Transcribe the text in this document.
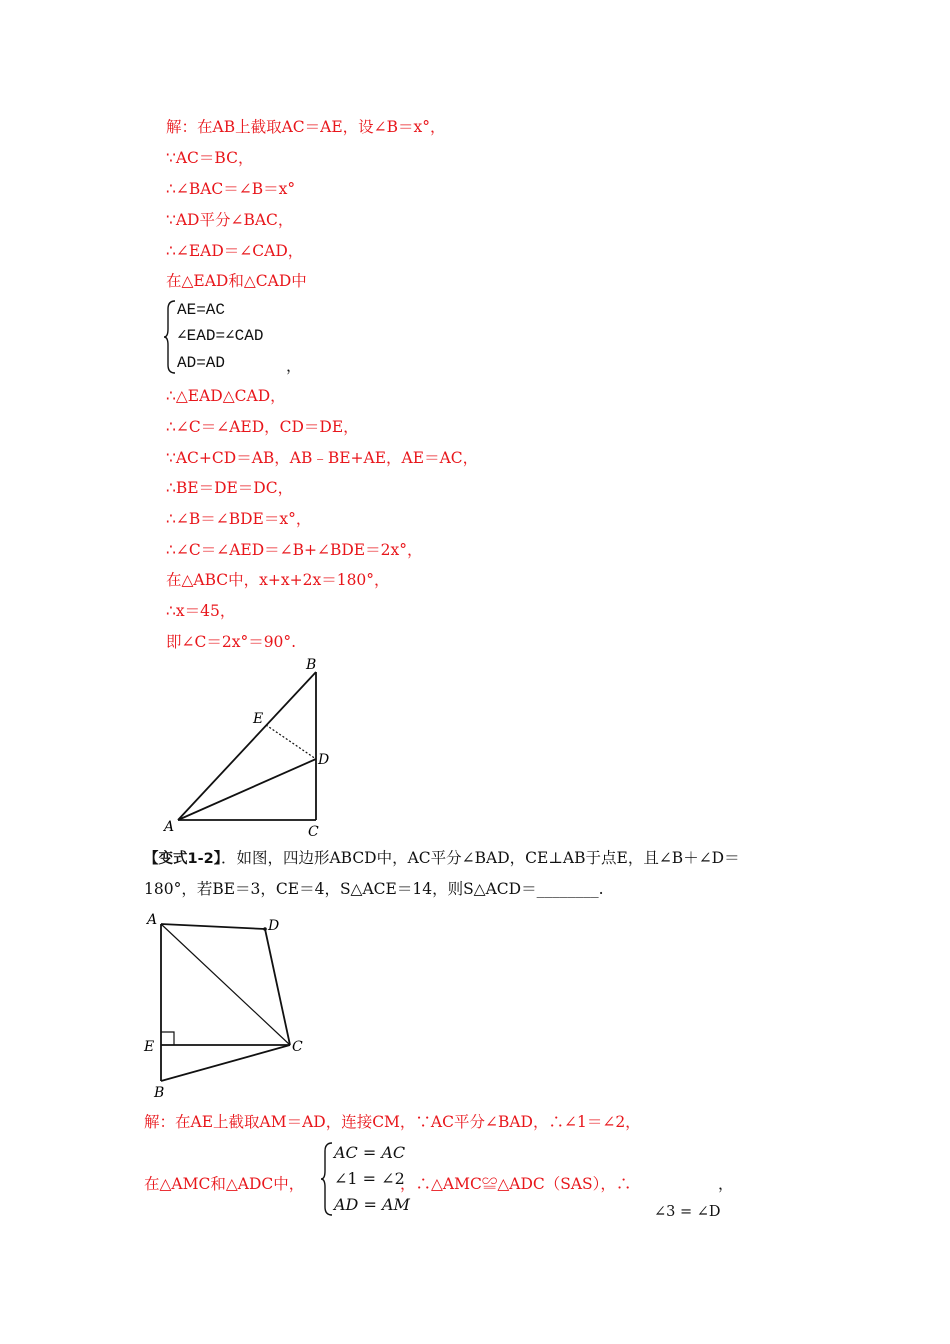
解：在AB上截取AC＝AE，设∠B＝x°，
∵AC＝BC，
∴∠BAC＝∠B＝x°
∵AD平分∠BAC，
∴∠EAD＝∠CAD，
在△EAD和△CAD中
AE=AC
∠EAD=∠CAD
AD=AD	，
∴△EAD△CAD，
∴∠C＝∠AED，CD＝DE，
∵AC+CD＝AB，AB﹣BE+AE，AE＝AC，
∴BE＝DE＝DC，
∴∠B＝∠BDE＝x°，
∴∠C＝∠AED＝∠B+∠BDE＝2x°，
在△ABC中，x+x+2x＝180°，
∴x＝45，
即∠C＝2x°＝90°.
B
E
D
A	C
【变式1-2】．如图，四边形ABCD中，AC平分∠BAD，CE⊥AB于点E，且∠B＋∠D＝
180°，若BE＝3，CE＝4，S△ACE＝14，则S△ACD＝________.
A	D
E	C
B
解：在AE上截取AM＝AD，连接CM，∵AC平分∠BAD，∴∠1＝∠2，
在△AMC和△ADC中，
AC = AC
∠1 = ∠2
AD = AM
，∴△AMC≌△ADC（SAS），∴	，
∠3 = ∠D
